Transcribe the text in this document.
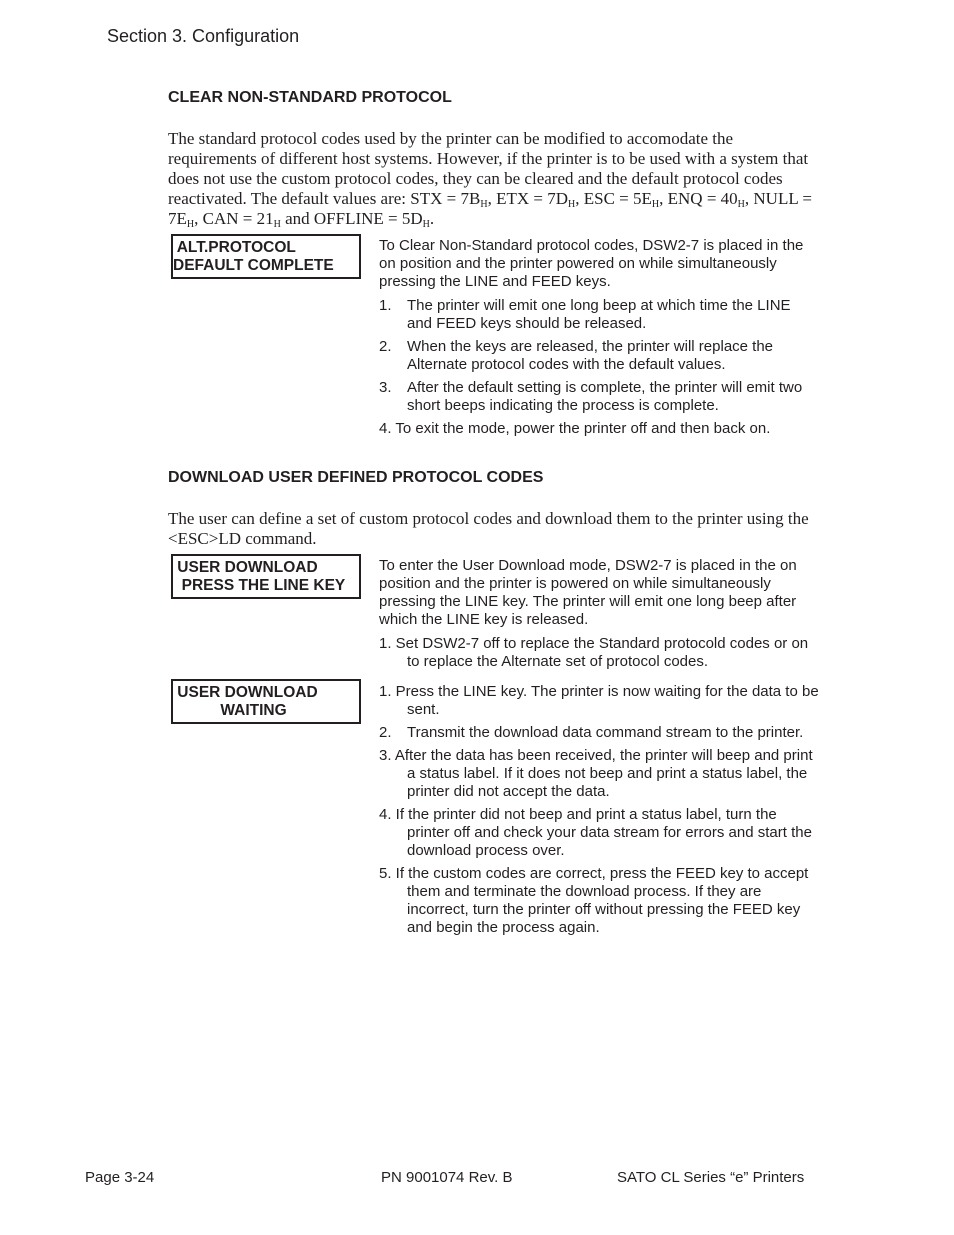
Section 3. Configuration
CLEAR NON-STANDARD PROTOCOL
The standard protocol codes used by the printer can be modified to accomodate the requirements of different host systems. However, if the printer is to be used with a system that does not use the custom protocol codes, they can be cleared and the default protocol codes reactivated. The default values are: STX = $7B_H$, ETX = $7D_H$, ESC = $5E_H$, ENQ = $40_H$, NULL = $7E_H$, CAN = $21_H$ and OFFLINE = $5D_H$.
ALT.PROTOCOL
DEFAULT COMPLETE

To Clear Non-Standard protocol codes, DSW2-7 is placed in the on position and the printer powered on while simultaneously pressing the LINE and FEED keys.

1. The printer will emit one long beep at which time the LINE and FEED keys should be released.
2. When the keys are released, the printer will replace the Alternate protocol codes with the default values.
3. After the default setting is complete, the printer will emit two short beeps indicating the process is complete.
4. To exit the mode, power the printer off and then back on.
DOWNLOAD USER DEFINED PROTOCOL CODES
The user can define a set of custom protocol codes and download them to the printer using the <ESC>LD command.
USER DOWNLOAD
PRESS THE LINE KEY

To enter the User Download mode, DSW2-7 is placed in the on position and the printer is powered on while simultaneously pressing the LINE key. The printer will emit one long beep after which the LINE key is released.

1. Set DSW2-7 off to replace the Standard protocold codes or on to replace the Alternate set of protocol codes.
USER DOWNLOAD
WAITING
1. Press the LINE key. The printer is now waiting for the data to be sent.
2. Transmit the download data command stream to the printer.
3. After the data has been received, the printer will beep and print a status label. If it does not beep and print a status label, the printer did not accept the data.
4. If the printer did not beep and print a status label, turn the printer off and check your data stream for errors and start the download process over.
5. If the custom codes are correct, press the FEED key to accept them and terminate the download process. If they are incorrect, turn the printer off without pressing the FEED key and begin the process again.
Page 3-24	PN 9001074 Rev. B	SATO CL Series “e” Printers
